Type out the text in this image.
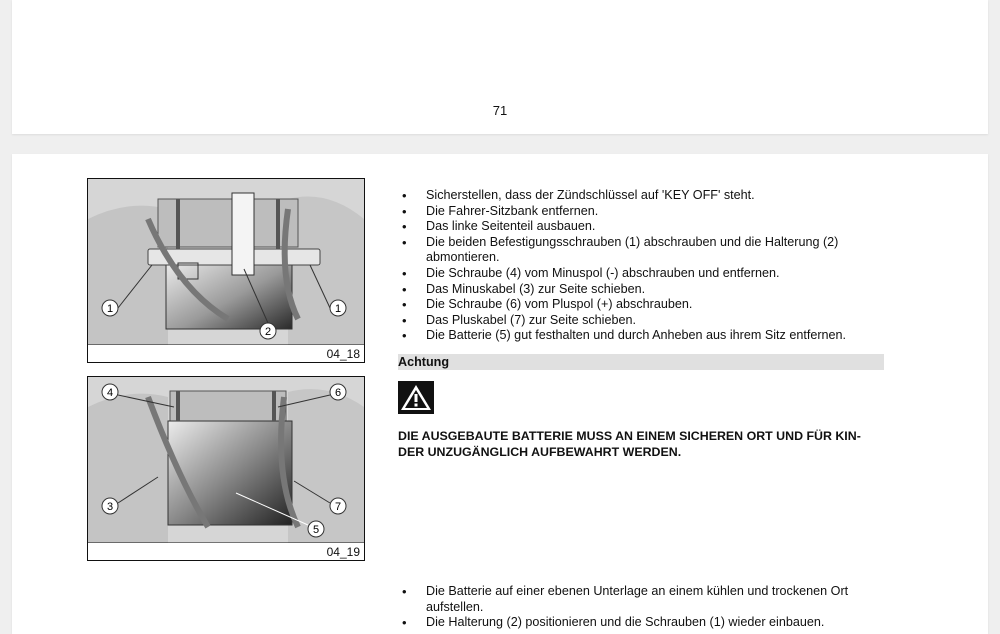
71
1
2
1
04_18
4	6
3	7
5
04_19
• Sicherstellen, dass der Zündschlüssel auf 'KEY OFF' steht.
• Die Fahrer-Sitzbank entfernen.
• Das linke Seitenteil ausbauen.
• Die beiden Befestigungsschrauben (1) abschrauben und die Halterung (2) abmontieren.
• Die Schraube (4) vom Minuspol (-) abschrauben und entfernen.
• Das Minuskabel (3) zur Seite schieben.
• Die Schraube (6) vom Pluspol (+) abschrauben.
• Das Pluskabel (7) zur Seite schieben.
• Die Batterie (5) gut festhalten und durch Anheben aus ihrem Sitz entfernen.
Achtung
DIE AUSGEBAUTE BATTERIE MUSS AN EINEM SICHEREN ORT UND FÜR KIN-
DER UNZUGÄNGLICH AUFBEWAHRT WERDEN.
• Die Batterie auf einer ebenen Unterlage an einem kühlen und trockenen Ort aufstellen.
• Die Halterung (2) positionieren und die Schrauben (1) wieder einbauen.
